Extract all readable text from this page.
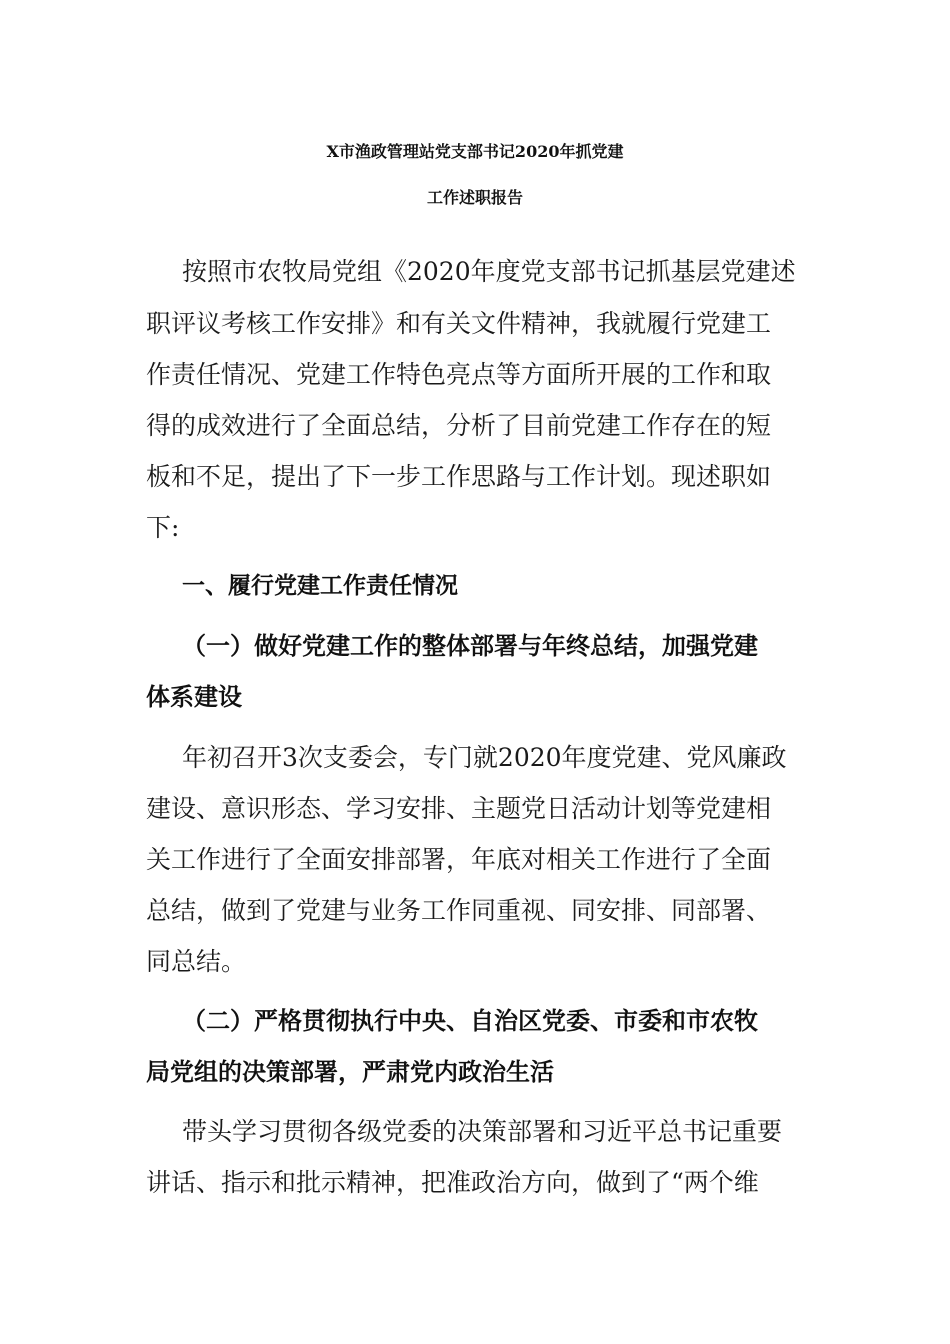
X市渔政管理站党支部书记2020年抓党建
工作述职报告
按照市农牧局党组《2020年度党支部书记抓基层党建述
职评议考核工作安排》和有关文件精神，我就履行党建工
作责任情况、党建工作特色亮点等方面所开展的工作和取
得的成效进行了全面总结，分析了目前党建工作存在的短
板和不足，提出了下一步工作思路与工作计划。现述职如
下:
一、履行党建工作责任情况
（一）做好党建工作的整体部署与年终总结，加强党建
体系建设
年初召开3次支委会，专门就2020年度党建、党风廉政
建设、意识形态、学习安排、主题党日活动计划等党建相
关工作进行了全面安排部署，年底对相关工作进行了全面
总结，做到了党建与业务工作同重视、同安排、同部署、
同总结。
（二）严格贯彻执行中央、自治区党委、市委和市农牧
局党组的决策部署，严肃党内政治生活
带头学习贯彻各级党委的决策部署和习近平总书记重要
讲话、指示和批示精神，把准政治方向，做到了“两个维
